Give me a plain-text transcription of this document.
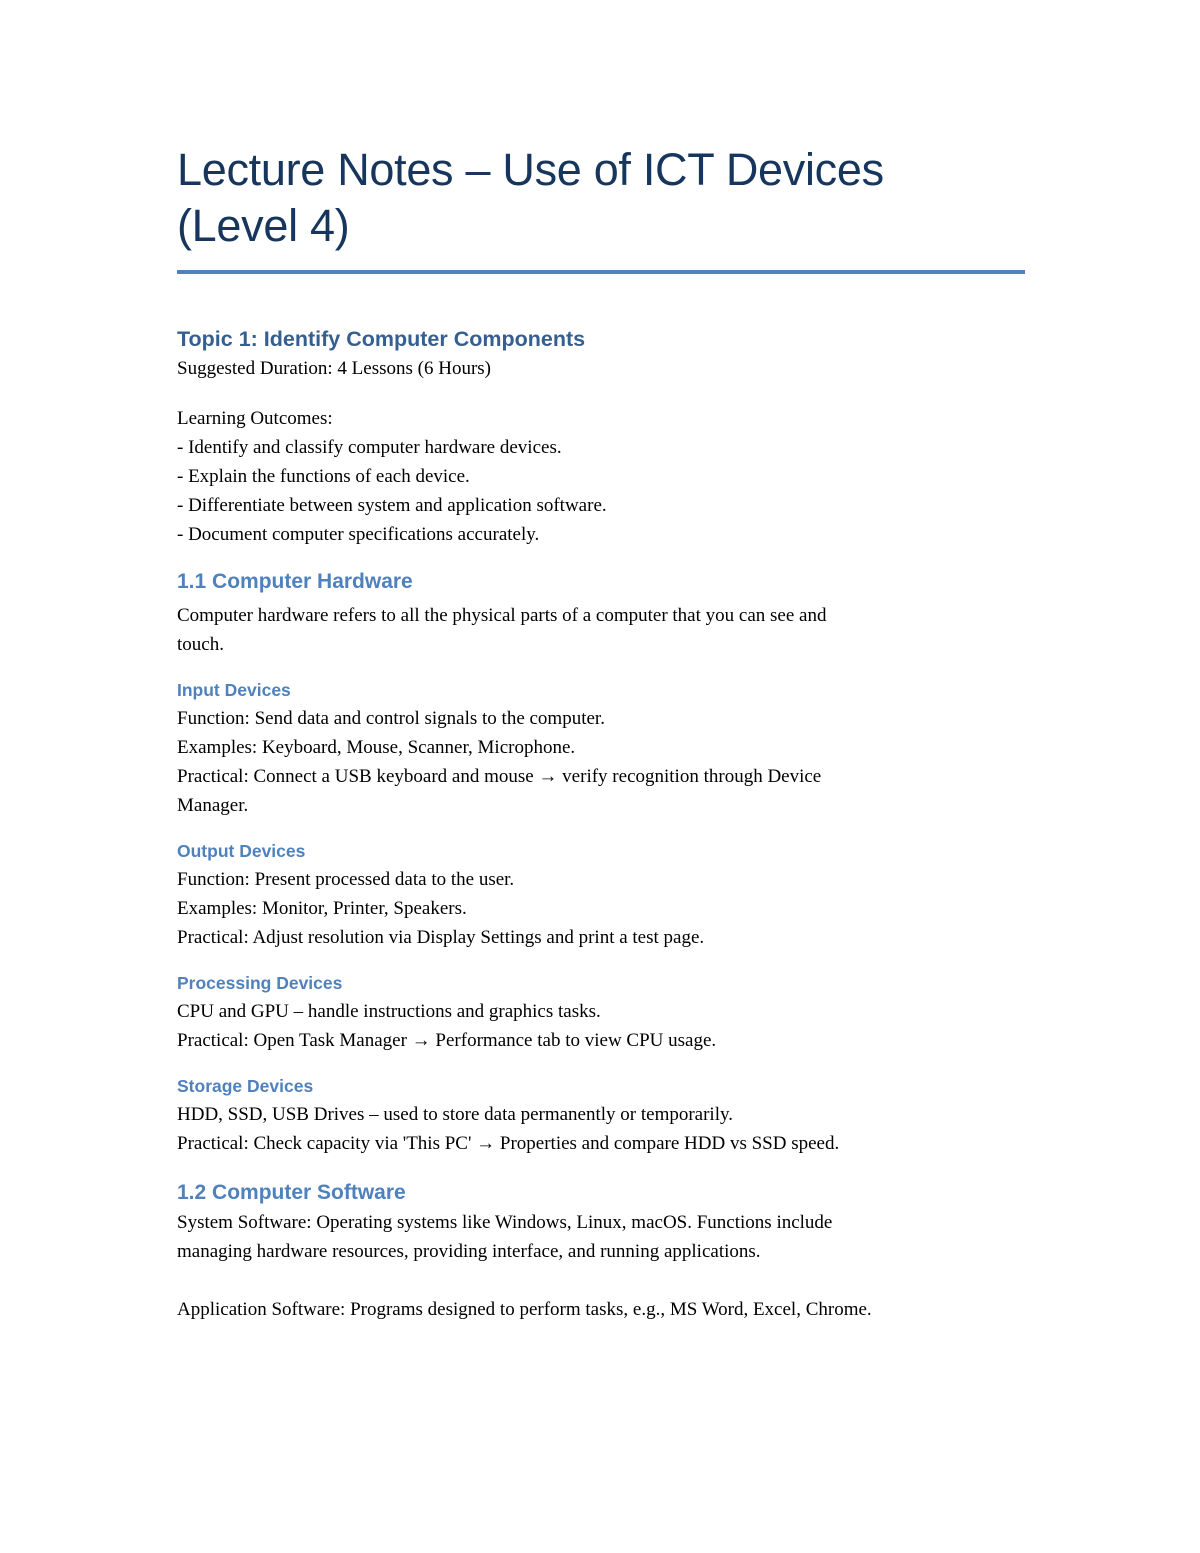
Lecture Notes – Use of ICT Devices
(Level 4)
Topic 1: Identify Computer Components
Suggested Duration: 4 Lessons (6 Hours)
Learning Outcomes:
- Identify and classify computer hardware devices.
- Explain the functions of each device.
- Differentiate between system and application software.
- Document computer specifications accurately.
1.1 Computer Hardware
Computer hardware refers to all the physical parts of a computer that you can see and
touch.
Input Devices
Function: Send data and control signals to the computer.
Examples: Keyboard, Mouse, Scanner, Microphone.
Practical: Connect a USB keyboard and mouse → verify recognition through Device
Manager.
Output Devices
Function: Present processed data to the user.
Examples: Monitor, Printer, Speakers.
Practical: Adjust resolution via Display Settings and print a test page.
Processing Devices
CPU and GPU – handle instructions and graphics tasks.
Practical: Open Task Manager → Performance tab to view CPU usage.
Storage Devices
HDD, SSD, USB Drives – used to store data permanently or temporarily.
Practical: Check capacity via 'This PC' → Properties and compare HDD vs SSD speed.
1.2 Computer Software
System Software: Operating systems like Windows, Linux, macOS. Functions include
managing hardware resources, providing interface, and running applications.
Application Software: Programs designed to perform tasks, e.g., MS Word, Excel, Chrome.
